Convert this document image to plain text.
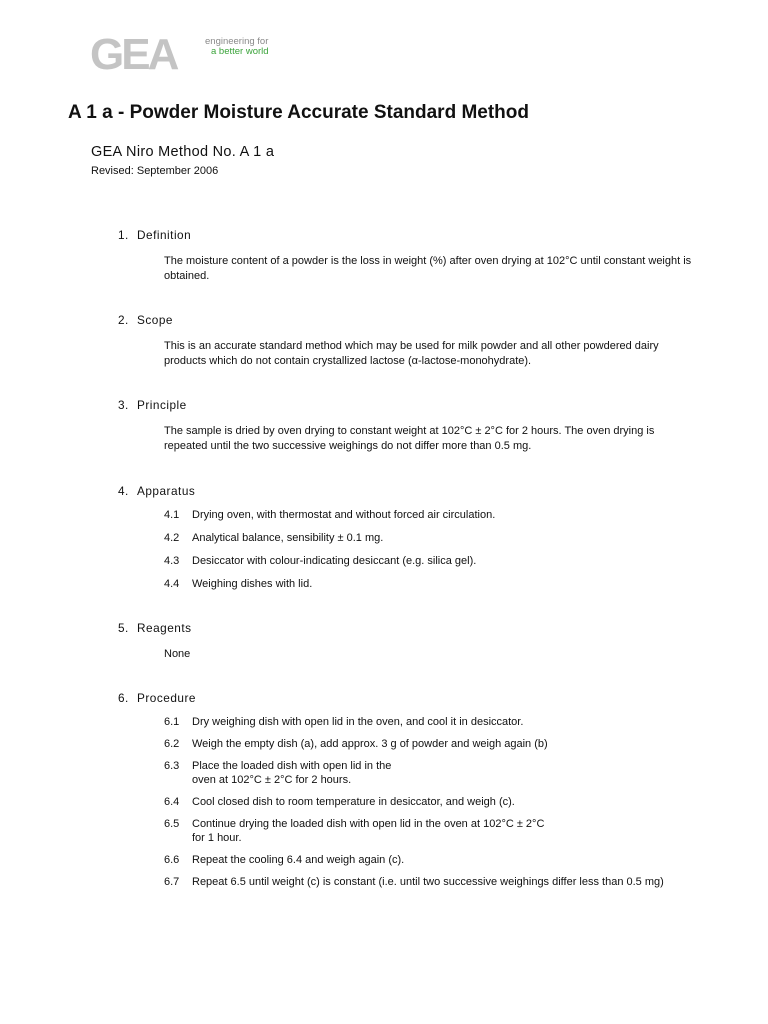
GEA	engineering for
a better world
A 1 a - Powder Moisture Accurate Standard Method
GEA Niro Method No. A 1 a
Revised: September 2006
1. Definition
The moisture content of a powder is the loss in weight (%) after oven drying at 102°C until constant weight is obtained.
2. Scope
This is an accurate standard method which may be used for milk powder and all other powdered dairy products which do not contain crystallized lactose (α-lactose-monohydrate).
3. Principle
The sample is dried by oven drying to constant weight at 102°C ± 2°C for 2 hours. The oven drying is repeated until the two successive weighings do not differ more than 0.5 mg.
4. Apparatus
4.1	Drying oven, with thermostat and without forced air circulation.
4.2	Analytical balance, sensibility ± 0.1 mg.
4.3	Desiccator with colour-indicating desiccant (e.g. silica gel).
4.4	Weighing dishes with lid.
5. Reagents
None
6. Procedure
6.1	Dry weighing dish with open lid in the oven, and cool it in desiccator.
6.2	Weigh the empty dish (a), add approx. 3 g of powder and weigh again (b)
6.3	Place the loaded dish with open lid in the oven at 102°C ± 2°C for 2 hours.
6.4	Cool closed dish to room temperature in desiccator, and weigh (c).
6.5	Continue drying the loaded dish with open lid in the oven at 102°C ± 2°C for 1 hour.
6.6	Repeat the cooling 6.4 and weigh again (c).
6.7	Repeat 6.5 until weight (c) is constant (i.e. until two successive weighings differ less than 0.5 mg)
